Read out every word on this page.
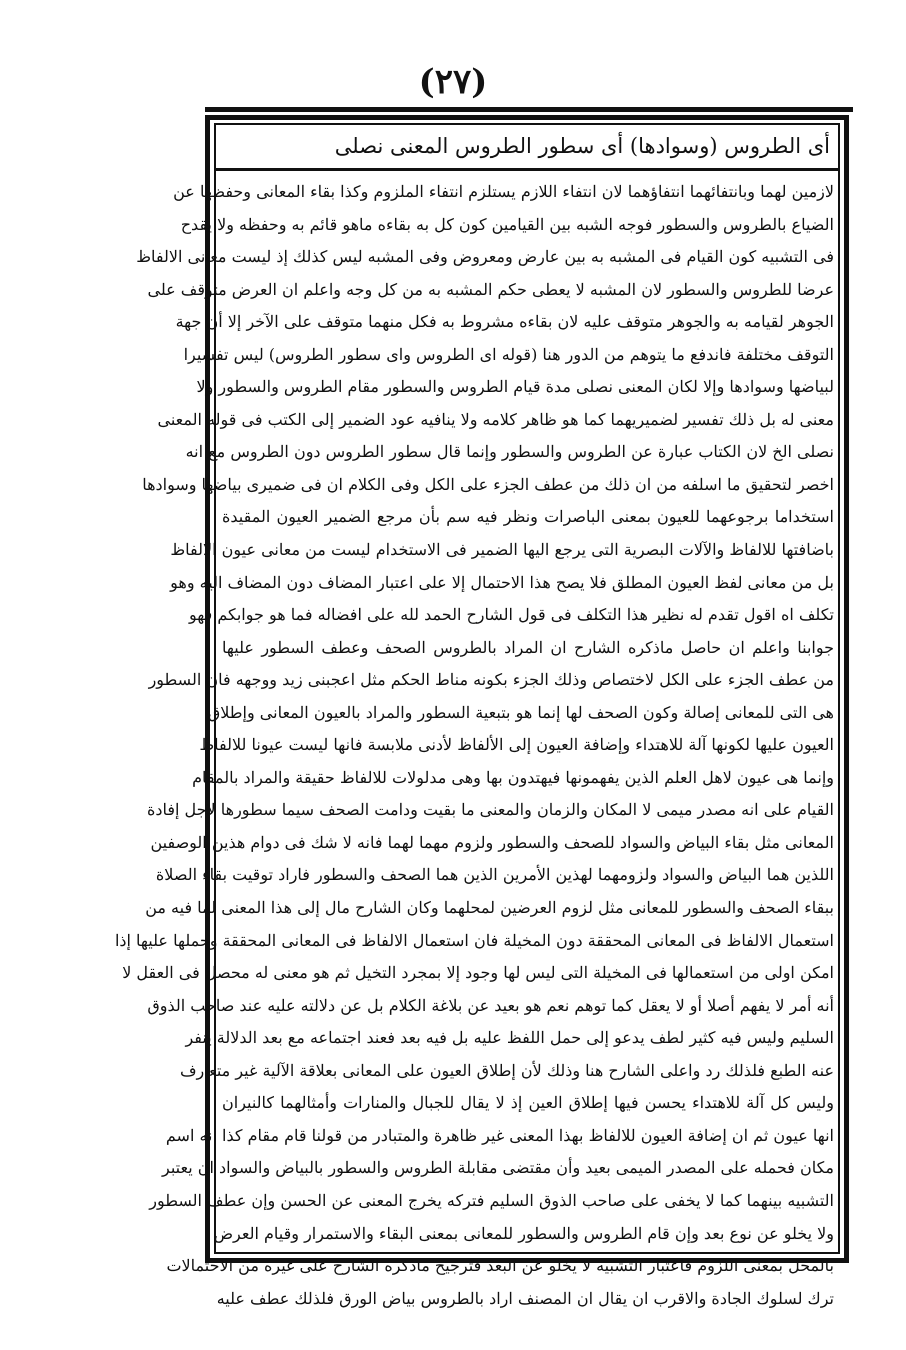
(۲۷)
أى الطروس (وسوادها) أى سطور الطروس المعنى نصلى
لازمين لهما وبانتفائهما انتفاؤهما لان انتفاء اللازم يستلزم انتفاء الملزوم وكذا بقاء المعانى وحفظها عن
الضياع بالطروس والسطور فوجه الشبه بين القيامين كون كل به بقاءه ماهو قائم به وحفظه ولا يقدح
فى التشبيه كون القيام فى المشبه به بين عارض ومعروض وفى المشبه ليس كذلك إذ ليست معانى الالفاظ
عرضا للطروس والسطور لان المشبه لا يعطى حكم المشبه به من كل وجه واعلم ان العرض متوقف على
الجوهر لقيامه به والجوهر متوقف عليه لان بقاءه مشروط به فكل منهما متوقف على الآخر إلا أن جهة
التوقف مختلفة فاندفع ما يتوهم من الدور هنا (قوله اى الطروس واى سطور الطروس) ليس تفسيرا
لبياضها وسوادها وإلا لكان المعنى نصلى مدة قيام الطروس والسطور مقام الطروس والسطور ولا
معنى له بل ذلك تفسير لضميريهما كما هو ظاهر كلامه ولا ينافيه عود الضمير إلى الكتب فى قوله المعنى
نصلى الخ لان الكتاب عبارة عن الطروس والسطور وإنما قال سطور الطروس دون الطروس مع انه
اخصر لتحقيق ما اسلفه من ان ذلك من عطف الجزء على الكل وفى الكلام ان فى ضميرى بياضها وسوادها
استخداما برجوعهما للعيون بمعنى الباصرات ونظر فيه سم بأن مرجع الضمير العيون المقيدة
باضافتها للالفاظ والآلات البصرية التى يرجع اليها الضمير فى الاستخدام ليست من معانى عيون الالفاظ
بل من معانى لفظ العيون المطلق فلا يصح هذا الاحتمال إلا على اعتبار المضاف دون المضاف اليه وهو
تكلف اه اقول تقدم له نظير هذا التكلف فى قول الشارح الحمد لله على افضاله فما هو جوابكم فهو
جوابنا واعلم ان حاصل ماذكره الشارح ان المراد بالطروس الصحف وعطف السطور عليها
من عطف الجزء على الكل لاختصاص وذلك الجزء بكونه مناط الحكم مثل اعجبنى زيد ووجهه فان السطور
هى التى للمعانى إصالة وكون الصحف لها إنما هو بتبعية السطور والمراد بالعيون المعانى وإطلاق
العيون عليها لكونها آلة للاهتداء وإضافة العيون إلى الألفاظ لأدنى ملابسة فانها ليست عيونا للالفاظ
وإنما هى عيون لاهل العلم الذين يفهمونها فيهتدون بها وهى مدلولات للالفاظ حقيقة والمراد بالمقام
القيام على انه مصدر ميمى لا المكان والزمان والمعنى ما بقيت ودامت الصحف سيما سطورها لاجل إفادة
المعانى مثل بقاء البياض والسواد للصحف والسطور ولزوم مهما لهما فانه لا شك فى دوام هذين الوصفين
اللذين هما البياض والسواد ولزومهما لهذين الأمرين الذين هما الصحف والسطور فاراد توقيت بقاء الصلاة
ببقاء الصحف والسطور للمعانى مثل لزوم العرضين لمحلهما وكان الشارح مال إلى هذا المعنى لما فيه من
استعمال الالفاظ فى المعانى المحققة دون المخيلة فان استعمال الالفاظ فى المعانى المحققة وحملها عليها إذا
امكن اولى من استعمالها فى المخيلة التى ليس لها وجود إلا بمجرد التخيل ثم هو معنى له محصل فى العقل لا
أنه أمر لا يفهم أصلا أو لا يعقل كما توهم نعم هو بعيد عن بلاغة الكلام بل عن دلالته عليه عند صاحب الذوق
السليم وليس فيه كثير لطف يدعو إلى حمل اللفظ عليه بل فيه بعد فعند اجتماعه مع بعد الدلالة ينفر
عنه الطبع فلذلك رد واعلى الشارح هنا وذلك لأن إطلاق العيون على المعانى بعلاقة الآلية غير متعارف
وليس كل آلة للاهتداء يحسن فيها إطلاق العين إذ لا يقال للجبال والمنارات وأمثالهما كالنيران
انها عيون ثم ان إضافة العيون للالفاظ بهذا المعنى غير ظاهرة والمتبادر من قولنا قام مقام كذا انه اسم
مكان فحمله على المصدر الميمى بعيد وأن مقتضى مقابلة الطروس والسطور بالبياض والسواد ان يعتبر
التشبيه بينهما كما لا يخفى على صاحب الذوق السليم فتركه يخرج المعنى عن الحسن وإن عطف السطور
ولا يخلو عن نوع بعد وإن قام الطروس والسطور للمعانى بمعنى البقاء والاستمرار وقيام العرض
بالمحل بمعنى اللزوم فاعتبار التشبيه لا يخلو عن البعد فترجيح ماذكره الشارح على غيره من الاحتمالات
ترك لسلوك الجادة والاقرب ان يقال ان المصنف اراد بالطروس بياض الورق فلذلك عطف عليه
